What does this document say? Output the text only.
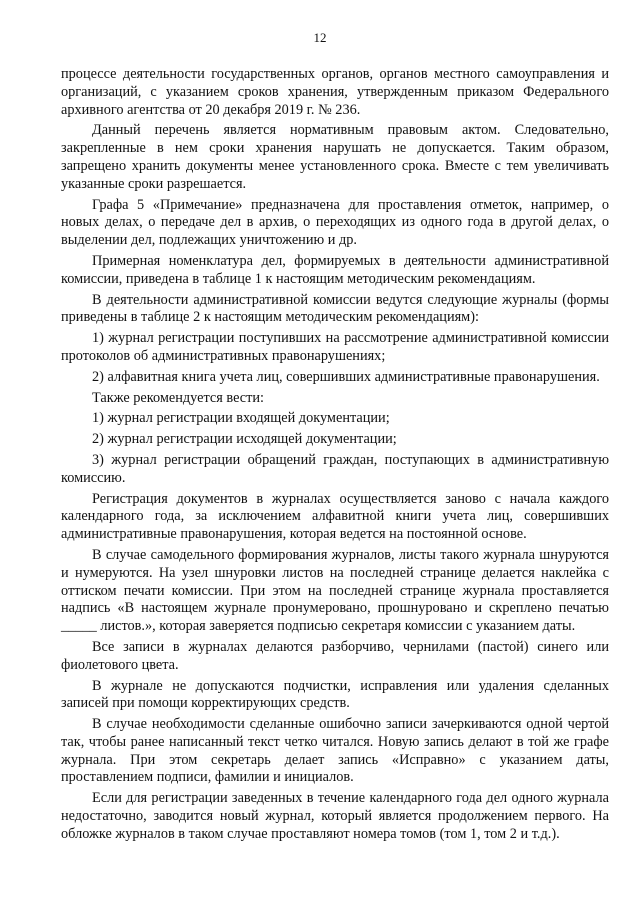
12

процессе деятельности государственных органов, органов местного самоуправления и организаций, с указанием сроков хранения, утвержденным приказом Федерального архивного агентства от 20 декабря 2019 г. № 236.

Данный перечень является нормативным правовым актом. Следовательно, закрепленные в нем сроки хранения нарушать не допускается. Таким образом, запрещено хранить документы менее установленного срока. Вместе с тем увеличивать указанные сроки разрешается.

Графа 5 «Примечание» предназначена для проставления отметок, например, о новых делах, о передаче дел в архив, о переходящих из одного года в другой делах, о выделении дел, подлежащих уничтожению и др.

Примерная номенклатура дел, формируемых в деятельности административной комиссии, приведена в таблице 1 к настоящим методическим рекомендациям.

В деятельности административной комиссии ведутся следующие журналы (формы приведены в таблице 2 к настоящим методическим рекомендациям):

1) журнал регистрации поступивших на рассмотрение административной комиссии протоколов об административных правонарушениях;

2) алфавитная книга учета лиц, совершивших административные правонарушения.

Также рекомендуется вести:

1) журнал регистрации входящей документации;

2) журнал регистрации исходящей документации;

3) журнал регистрации обращений граждан, поступающих в административную комиссию.

Регистрация документов в журналах осуществляется заново с начала каждого календарного года, за исключением алфавитной книги учета лиц, совершивших административные правонарушения, которая ведется на постоянной основе.

В случае самодельного формирования журналов, листы такого журнала шнуруются и нумеруются. На узел шнуровки листов на последней странице делается наклейка с оттиском печати комиссии. При этом на последней странице журнала проставляется надпись «В настоящем журнале пронумеровано, прошнуровано и скреплено печатью _____ листов.», которая заверяется подписью секретаря комиссии с указанием даты.

Все записи в журналах делаются разборчиво, чернилами (пастой) синего или фиолетового цвета.

В журнале не допускаются подчистки, исправления или удаления сделанных записей при помощи корректирующих средств.

В случае необходимости сделанные ошибочно записи зачеркиваются одной чертой так, чтобы ранее написанный текст четко читался. Новую запись делают в той же графе журнала. При этом секретарь делает запись «Исправно» с указанием даты, проставлением подписи, фамилии и инициалов.

Если для регистрации заведенных в течение календарного года дел одного журнала недостаточно, заводится новый журнал, который является продолжением первого. На обложке журналов в таком случае проставляют номера томов (том 1, том 2 и т.д.).
